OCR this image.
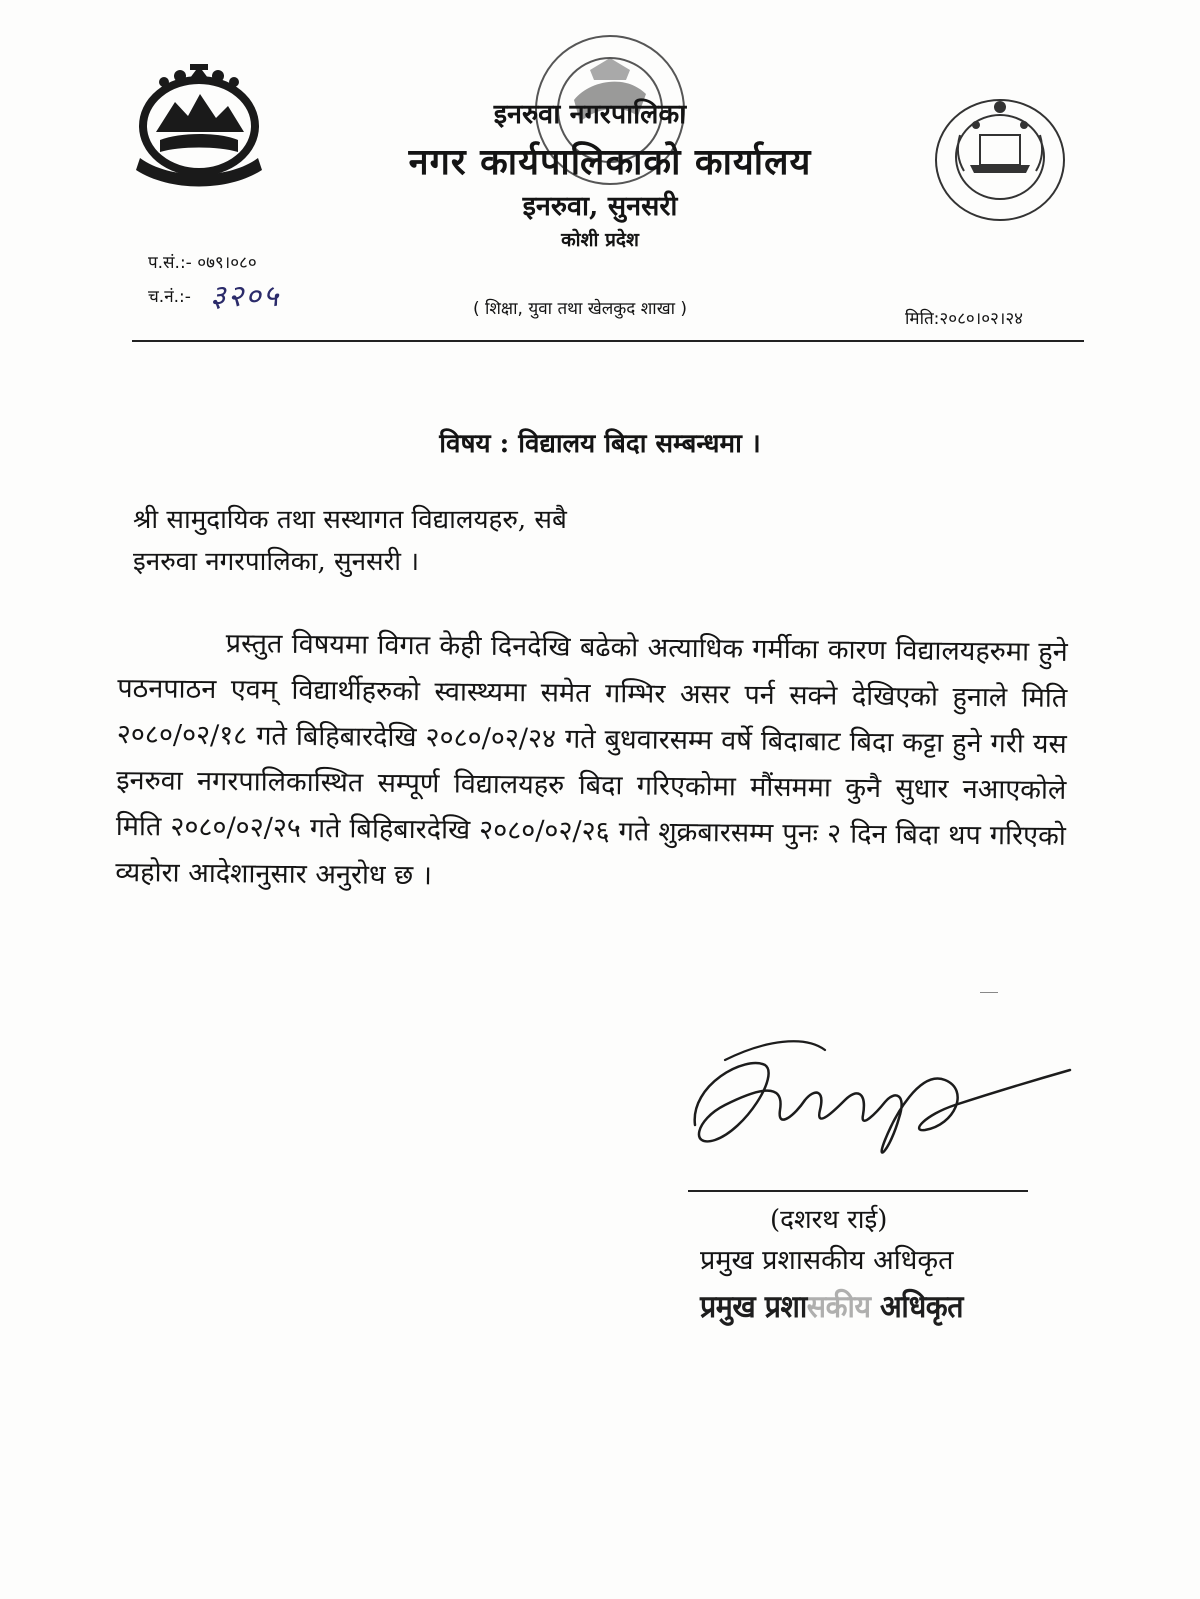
इनरुवा नगरपालिका
नगर कार्यपालिकाको कार्यालय
इनरुवा, सुनसरी
कोशी प्रदेश
प.सं.:- ०७९।०८०
च.नं.:- ३२०५	( शिक्षा, युवा तथा खेलकुद शाखा )	मिति:२०८०।०२।२४
विषय : विद्यालय बिदा सम्बन्धमा ।
श्री सामुदायिक तथा सस्थागत विद्यालयहरु, सबै
इनरुवा नगरपालिका, सुनसरी ।
प्रस्तुत विषयमा विगत केही दिनदेखि बढेको अत्याधिक गर्मीका कारण विद्यालयहरुमा हुने पठनपाठन एवम् विद्यार्थीहरुको स्वास्थ्यमा समेत गम्भिर असर पर्न सक्ने देखिएको हुनाले मिति २०८०/०२/१८ गते बिहिबारदेखि २०८०/०२/२४ गते बुधवारसम्म वर्षे बिदाबाट बिदा कट्टा हुने गरी यस इनरुवा नगरपालिकास्थित सम्पूर्ण विद्यालयहरु बिदा गरिएकोमा मौंसममा कुनै सुधार नआएकोले मिति २०८०/०२/२५ गते बिहिबारदेखि २०८०/०२/२६ गते शुक्रबारसम्म पुनः २ दिन बिदा थप गरिएको व्यहोरा आदेशानुसार अनुरोध छ ।
(दशरथ राई)
प्रमुख प्रशासकीय अधिकृत
प्रमुख प्रशासकीय अधिकृत
